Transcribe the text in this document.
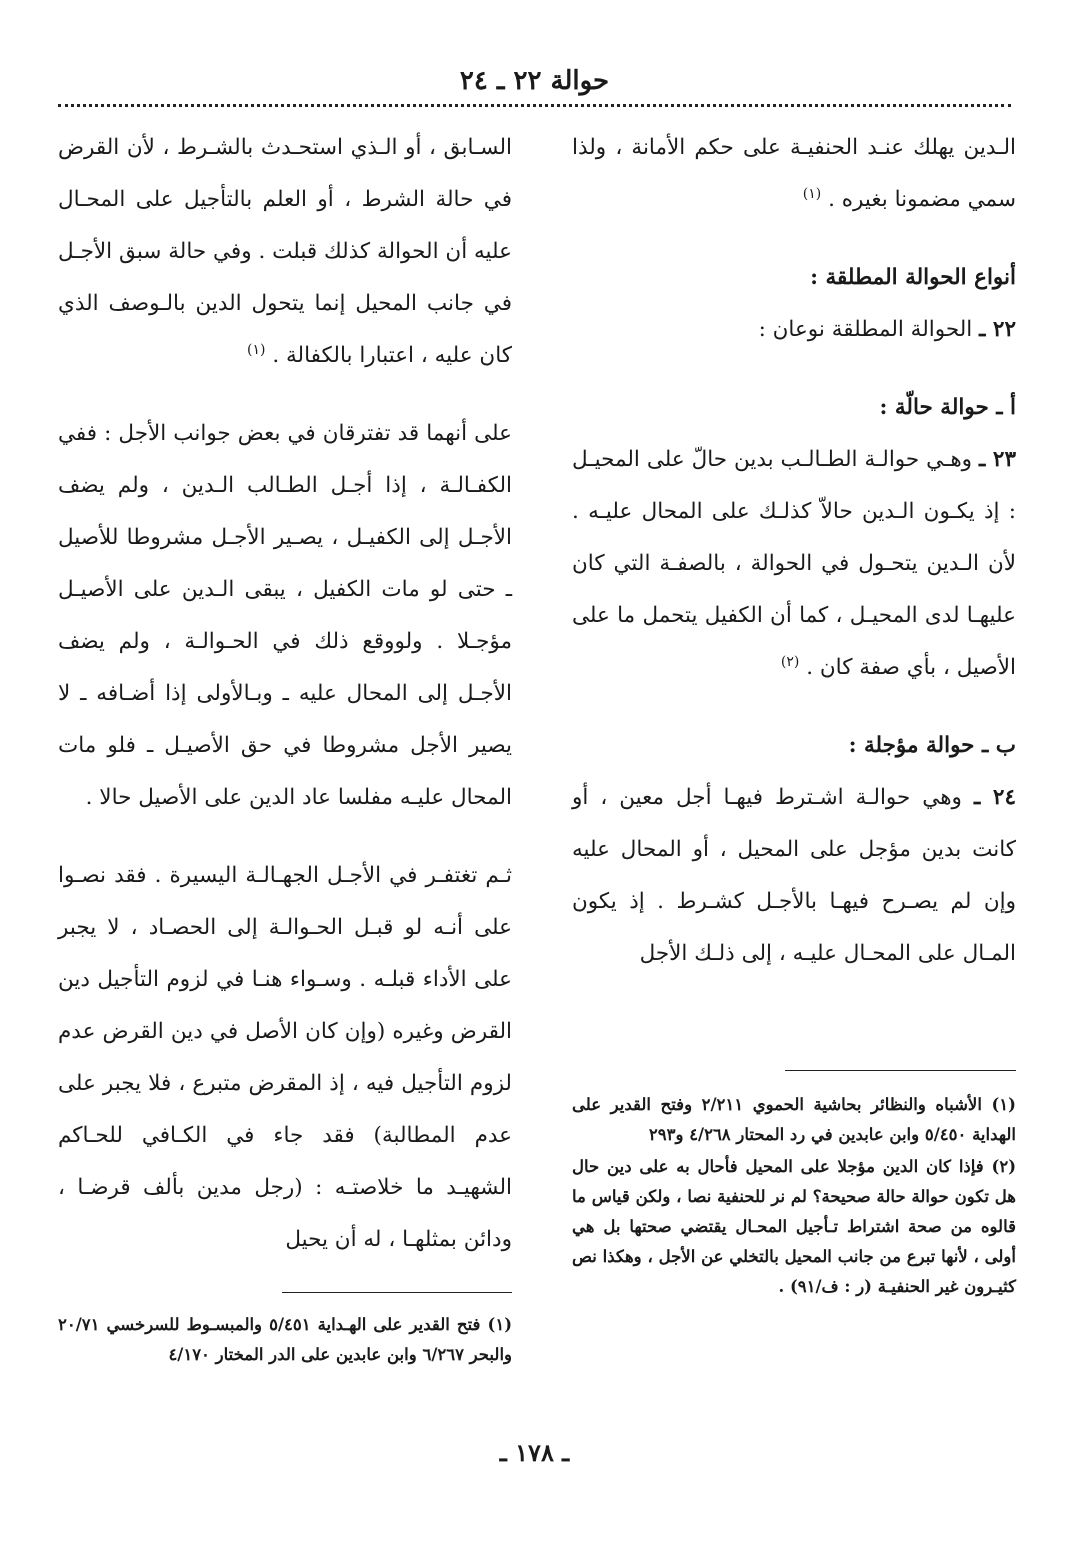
حوالة ٢٢ ـ ٢٤

الـدين يهلك عنـد الحنفيـة على حكم الأمانة ، ولذا سمي مضمونا بغيره . $^{(١)}$

أنواع الحوالة المطلقة :

٢٢ ـ الحوالة المطلقة نوعان :

أ ـ حوالة حالّة :

٢٣ ـ وهـي حوالـة الطـالـب بدين حالّ على المحيـل : إذ يكـون الـدين حالاّ كذلـك على المحال عليـه . لأن الـدين يتحـول في الحوالة ، بالصفـة التي كان عليهـا لدى المحيـل ، كما أن الكفيل يتحمل ما على الأصيل ، بأي صفة كان . $^{(٢)}$

ب ـ حوالة مؤجلة :

٢٤ ـ وهي حوالـة اشـترط فيهـا أجل معين ، أو كانت بدين مؤجل على المحيل ، أو المحال عليه وإن لم يصـرح فيهـا بالأجـل كشـرط . إذ يكون المـال على المحـال عليـه ، إلى ذلـك الأجل

السـابق ، أو الـذي استحـدث بالشـرط ، لأن القرض في حالة الشرط ، أو العلم بالتأجيل على المحـال عليه أن الحوالة كذلك قبلت . وفي حالة سبق الأجـل في جانب المحيل إنما يتحول الدين بالـوصف الذي كان عليه ، اعتبارا بالكفالة . $^{(١)}$

على أنهما قد تفترقان في بعض جوانب الأجل : ففي الكفـالـة ، إذا أجـل الطـالب الـدين ، ولم يضف الأجـل إلى الكفيـل ، يصـير الأجـل مشروطا للأصيل ـ حتى لو مات الكفيل ، يبقى الـدين على الأصيـل مؤجـلا . ولووقع ذلك في الحـوالـة ، ولم يضف الأجـل إلى المحال عليه ـ وبـالأولى إذا أضـافه ـ لا يصير الأجل مشروطا في حق الأصيـل ـ فلو مات المحال عليـه مفلسا عاد الدين على الأصيل حالا .

ثـم تغتفـر في الأجـل الجهـالـة اليسيرة . فقد نصـوا على أنـه لو قبـل الحـوالـة إلى الحصـاد ، لا يجبر على الأداء قبلـه . وسـواء هنـا في لزوم التأجيل دين القرض وغيره (وإن كان الأصل في دين القرض عدم لزوم التأجيل فيه ، إذ المقرض متبرع ، فلا يجبر على عدم المطالبة) فقد جاء في الكـافي للحـاكم الشهيـد ما خلاصتـه : (رجل مدين بألف قرضـا ، ودائن بمثلهـا ، له أن يحيل

(١) الأشباه والنظائر بحاشية الحموي ٢/٢١١ وفتح القدير على الهداية ٥/٤٥٠ وابن عابدين في رد المحتار ٤/٢٦٨ و٢٩٣

(٢) فإذا كان الدين مؤجلا على المحيل فأحال به على دين حال هل تكون حوالة حالة صحيحة؟ لم نر للحنفية نصا ، ولكن قياس ما قالوه من صحة اشتراط تـأجيل المحـال يقتضي صحتها بل هي أولى ، لأنها تبرع من جانب المحيل بالتخلي عن الأجل ، وهكذا نص كثيـرون غير الحنفيـة (ر : ف/٩١) .

(١) فتح القدير على الهـداية ٥/٤٥١ والمبسـوط للسرخسي ٢٠/٧١ والبحر ٦/٢٦٧ وابن عابدين على الدر المختار ٤/١٧٠

ـ ١٧٨ ـ
